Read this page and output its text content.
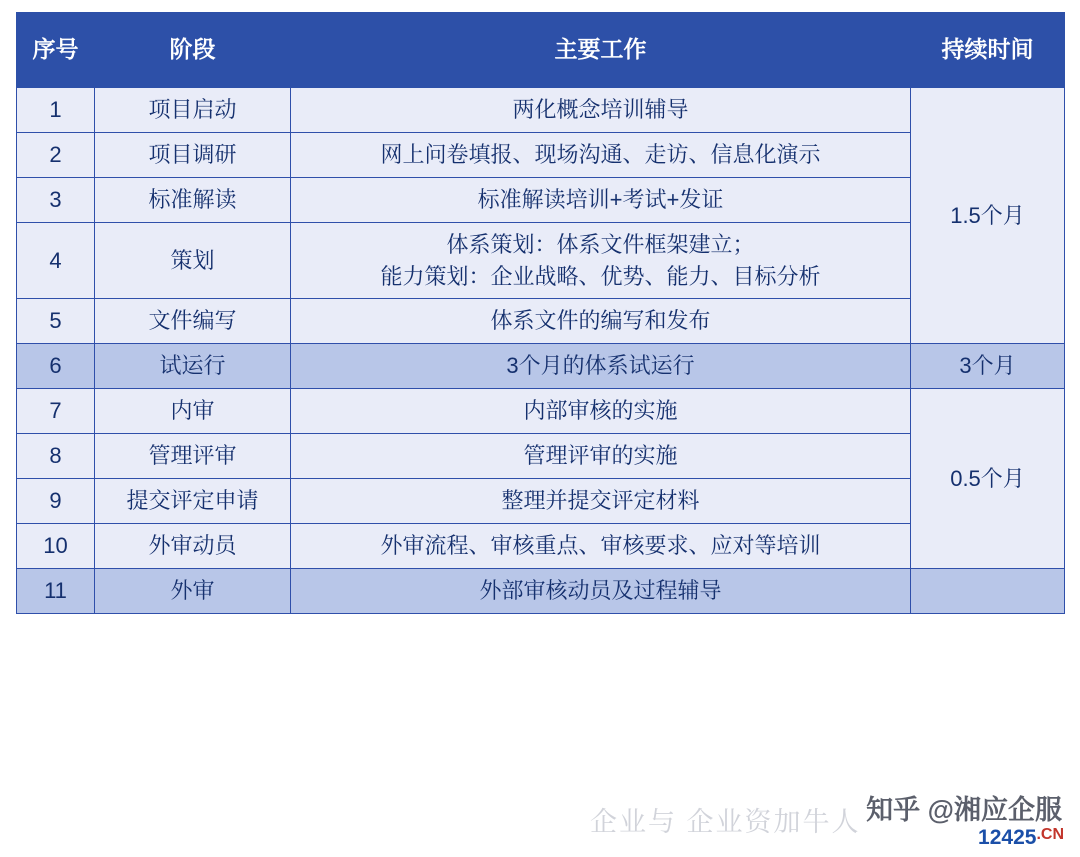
序号	阶段	主要工作	持续时间
1	项目启动	两化概念培训辅导	1.5个月
2	项目调研	网上问卷填报、现场沟通、走访、信息化演示	

3	标准解读	标准解读培训+考试+发证	

4	策划	体系策划：体系文件框架建立；
能力策划：企业战略、优势、能力、目标分析	

5	文件编写	体系文件的编写和发布	

6	试运行	3个月的体系试运行	3个月
7	内审	内部审核的实施	0.5个月
8	管理评审	管理评审的实施	

9	提交评定申请	整理并提交评定材料	

10	外审动员	外审流程、审核重点、审核要求、应对等培训	

11	外审	外部审核动员及过程辅导	

企业与 企业资加牛人 知乎 @湘应企服
$12425^{.CN}$
